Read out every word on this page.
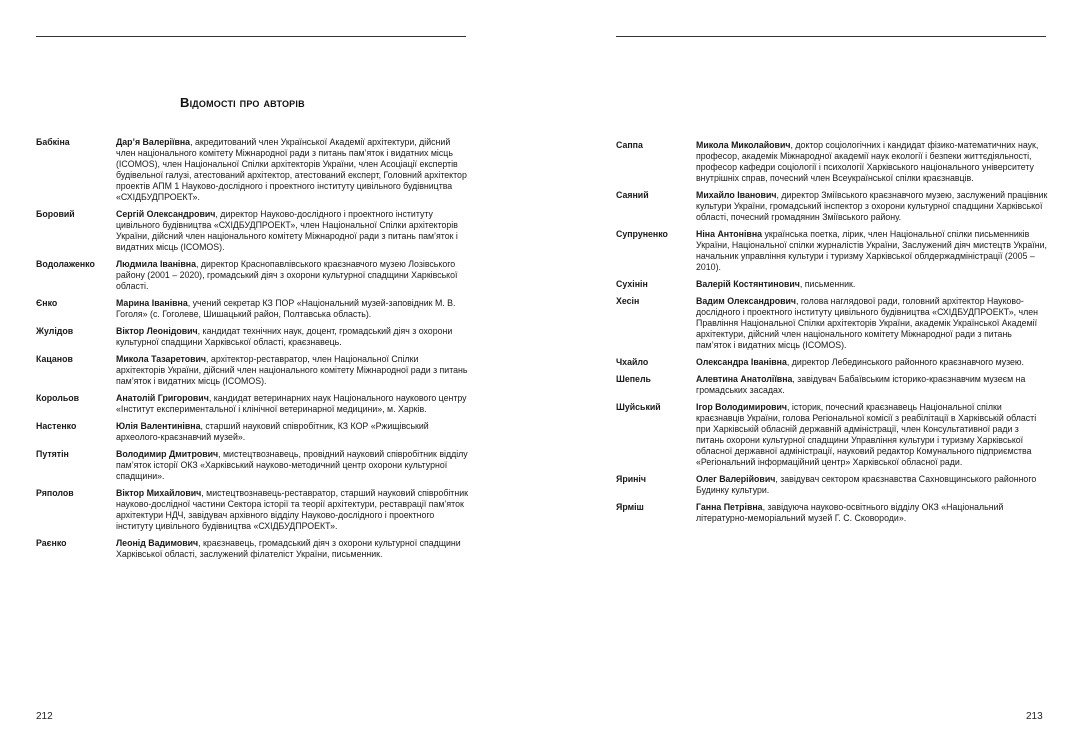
Відомості про авторів
Бабкіна	Дар’я Валеріївна, акредитований член Української Академії архітектури, дійсний член національного комітету Міжнародної ради з питань пам’яток і видатних місць (ICOMOS), член Національної Спілки архітекторів України, член Асоціації експертів будівельної галузі, атестований архітектор, атестований експерт, Головний архітектор проектів АПМ 1 Науково-дослідного і проектного інституту цивільного будівництва «СХІДБУДПРОЕКТ».
Боровий	Сергій Олександрович, директор Науково-дослідного і проектного інституту цивільного будівництва «СХІДБУДПРОЕКТ», член Національної Спілки архітекторів України, дійсний член національного комітету Міжнародної ради з питань пам’яток і видатних місць (ICOMOS).
Водолаженко	Людмила Іванівна, директор Краснопавлівського краєзнавчого музею Лозівського району (2001 – 2020), громадський діяч з охорони культурної спадщини Харківської області.
Єнко	Марина Іванівна, учений секретар КЗ ПОР «Національний музей-заповідник М. В. Гоголя» (с. Гоголеве, Шишацький район, Полтавська область).
Жулідов	Віктор Леонідович, кандидат технічних наук, доцент, громадський діяч з охорони культурної спадщини Харківської області, краєзнавець.
Кацанов	Микола Тазаретович, архітектор-реставратор, член Національної Спілки архітекторів України, дійсний член національного комітету Міжнародної ради з питань пам’яток і видатних місць (ICOMOS).
Корольов	Анатолій Григорович, кандидат ветеринарних наук Національного наукового центру «Інститут експериментальної і клінічної ветеринарної медицини», м. Харків.
Настенко	Юлія Валентинівна, старший науковий співробітник, КЗ КОР «Ржищівський археолого-краєзнавчий музей».
Путятін	Володимир Дмитрович, мистецтвознавець, провідний науковий співробітник відділу пам’яток історії ОКЗ «Харківський науково-методичний центр охорони культурної спадщини».
Ряполов	Віктор Михайлович, мистецтвознавець-реставратор, старший науковий співробітник науково-дослідної частини Сектора історії та теорії архітектури, реставрації пам’яток архітектури НДЧ, завідувач архівного відділу Науково-дослідного і проектного інституту цивільного будівництва «СХІДБУДПРОЕКТ».
Раєнко	Леонід Вадимович, краєзнавець, громадський діяч з охорони культурної спадщини Харківської області, заслужений філателіст України, письменник.
212
Саппа	Микола Миколайович, доктор соціологічних і кандидат фізико-математичних наук, професор, академік Міжнародної академії наук екології і безпеки життєдіяльності, професор кафедри соціології і психології Харківського національного університету внутрішніх справ, почесний член Всеукраїнської спілки краєзнавців.
Саяний	Михайло Іванович, директор Зміївського краєзнавчого музею, заслужений працівник культури України, громадський інспектор з охорони культурної спадщини Харківської області, почесний громадянин Зміївського району.
Супруненко	Ніна Антонівна українська поетка, лірик, член Національної спілки письменників України, Національної спілки журналістів України, Заслужений діяч мистецтв України, начальник управління культури і туризму Харківської облдержадміністрації (2005 – 2010).
Сухінін	Валерій Костянтинович, письменник.
Хесін	Вадим Олександрович, голова наглядової ради, головний архітектор Науково-дослідного і проектного інституту цивільного будівництва «СХІДБУДПРОЕКТ», член Правління Національної Спілки архітекторів України, академік Української Академії архітектури, дійсний член національного комітету Міжнародної ради з питань пам’яток і видатних місць (ICOMOS).
Чхайло	Олександра Іванівна, директор Лебединського районного краєзнавчого музею.
Шепель	Алевтина Анатоліївна, завідувач Бабаївським історико-краєзнавчим музеєм на громадських засадах.
Шуйський	Ігор Володимирович, історик, почесний краєзнавець Національної спілки краєзнавців України, голова Регіональної комісії з реабілітації в Харківській області при Харківській обласній державній адміністрації, член Консультативної ради з питань охорони культурної спадщини Управління культури і туризму Харківської обласної державної адміністрації, науковий редактор Комунального підприємства «Регіональний інформаційний центр» Харківської обласної ради.
Яриніч	Олег Валерійович, завідувач сектором краєзнавства Сахновщинського районного Будинку культури.
Ярміш	Ганна Петрівна, завідуюча науково-освітнього відділу ОКЗ «Національний літературно-меморіальний музей Г. С. Сковороди».
213
